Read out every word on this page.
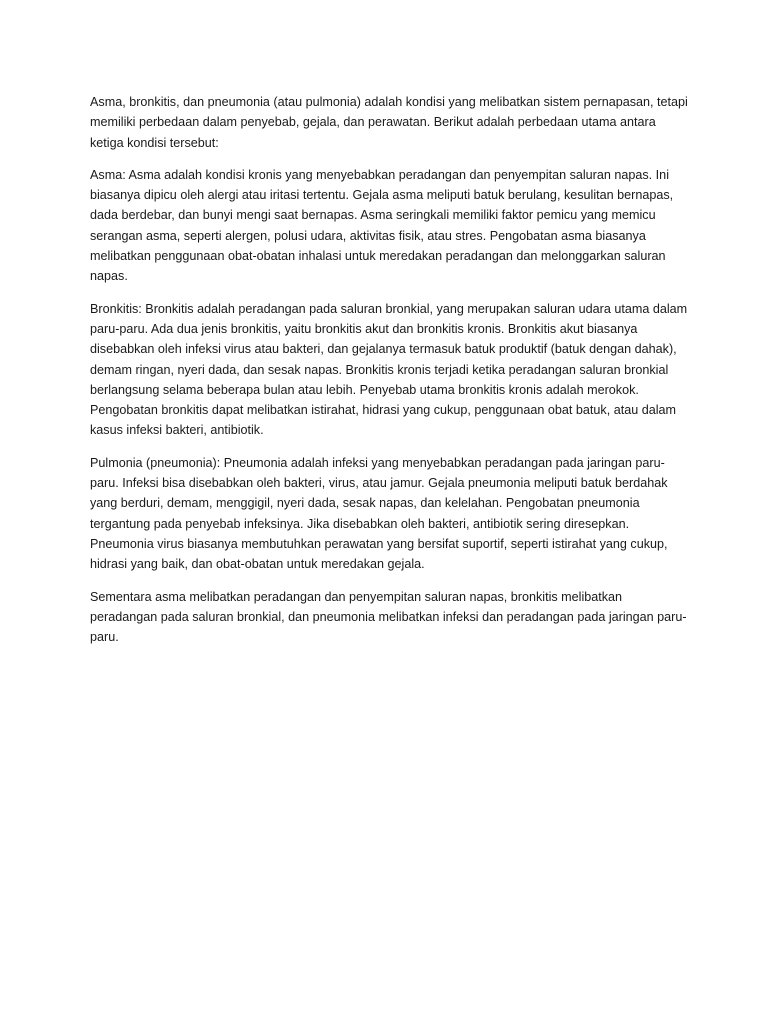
Asma, bronkitis, dan pneumonia (atau pulmonia) adalah kondisi yang melibatkan sistem pernapasan, tetapi memiliki perbedaan dalam penyebab, gejala, dan perawatan. Berikut adalah perbedaan utama antara ketiga kondisi tersebut:

Asma: Asma adalah kondisi kronis yang menyebabkan peradangan dan penyempitan saluran napas. Ini biasanya dipicu oleh alergi atau iritasi tertentu. Gejala asma meliputi batuk berulang, kesulitan bernapas, dada berdebar, dan bunyi mengi saat bernapas. Asma seringkali memiliki faktor pemicu yang memicu serangan asma, seperti alergen, polusi udara, aktivitas fisik, atau stres. Pengobatan asma biasanya melibatkan penggunaan obat-obatan inhalasi untuk meredakan peradangan dan melonggarkan saluran napas.

Bronkitis: Bronkitis adalah peradangan pada saluran bronkial, yang merupakan saluran udara utama dalam paru-paru. Ada dua jenis bronkitis, yaitu bronkitis akut dan bronkitis kronis. Bronkitis akut biasanya disebabkan oleh infeksi virus atau bakteri, dan gejalanya termasuk batuk produktif (batuk dengan dahak), demam ringan, nyeri dada, dan sesak napas. Bronkitis kronis terjadi ketika peradangan saluran bronkial berlangsung selama beberapa bulan atau lebih. Penyebab utama bronkitis kronis adalah merokok. Pengobatan bronkitis dapat melibatkan istirahat, hidrasi yang cukup, penggunaan obat batuk, atau dalam kasus infeksi bakteri, antibiotik.

Pulmonia (pneumonia): Pneumonia adalah infeksi yang menyebabkan peradangan pada jaringan paru-paru. Infeksi bisa disebabkan oleh bakteri, virus, atau jamur. Gejala pneumonia meliputi batuk berdahak yang berduri, demam, menggigil, nyeri dada, sesak napas, dan kelelahan. Pengobatan pneumonia tergantung pada penyebab infeksinya. Jika disebabkan oleh bakteri, antibiotik sering diresepkan. Pneumonia virus biasanya membutuhkan perawatan yang bersifat suportif, seperti istirahat yang cukup, hidrasi yang baik, dan obat-obatan untuk meredakan gejala.

Sementara asma melibatkan peradangan dan penyempitan saluran napas, bronkitis melibatkan peradangan pada saluran bronkial, dan pneumonia melibatkan infeksi dan peradangan pada jaringan paru-paru.
